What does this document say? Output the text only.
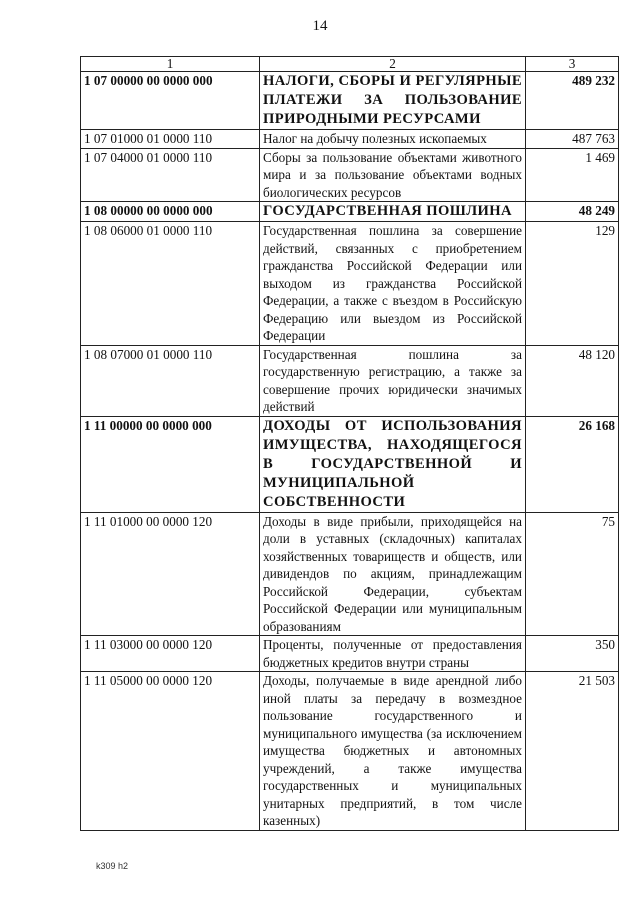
14
1	2	3
1 07 00000 00 0000 000	НАЛОГИ, СБОРЫ И РЕГУЛЯРНЫЕ ПЛАТЕЖИ ЗА ПОЛЬЗОВАНИЕ ПРИРОДНЫМИ РЕСУРСАМИ	489 232
1 07 01000 01 0000 110	Налог на добычу полезных ископаемых	487 763
1 07 04000 01 0000 110	Сборы за пользование объектами животного мира и за пользование объектами водных биологических ресурсов	1 469
1 08 00000 00 0000 000	ГОСУДАРСТВЕННАЯ ПОШЛИНА	48 249
1 08 06000 01 0000 110	Государственная пошлина за совершение действий, связанных с приобретением гражданства Российской Федерации или выходом из гражданства Российской Федерации, а также с въездом в Российскую Федерацию или выездом из Российской Федерации	129
1 08 07000 01 0000 110	Государственная пошлина за государственную регистрацию, а также за совершение прочих юридически значимых действий	48 120
1 11 00000 00 0000 000	ДОХОДЫ ОТ ИСПОЛЬЗОВАНИЯ ИМУЩЕСТВА, НАХОДЯЩЕГОСЯ В ГОСУДАРСТВЕННОЙ И МУНИЦИПАЛЬНОЙ СОБСТВЕННОСТИ	26 168
1 11 01000 00 0000 120	Доходы в виде прибыли, приходящейся на доли в уставных (складочных) капиталах хозяйственных товариществ и обществ, или дивидендов по акциям, принадлежащим Российской Федерации, субъектам Российской Федерации или муниципальным образованиям	75
1 11 03000 00 0000 120	Проценты, полученные от предоставления бюджетных кредитов внутри страны	350
1 11 05000 00 0000 120	Доходы, получаемые в виде арендной либо иной платы за передачу в возмездное пользование государственного и муниципального имущества (за исключением имущества бюджетных и автономных учреждений, а также имущества государственных и муниципальных унитарных предприятий, в том числе казенных)	21 503
k309 h2
